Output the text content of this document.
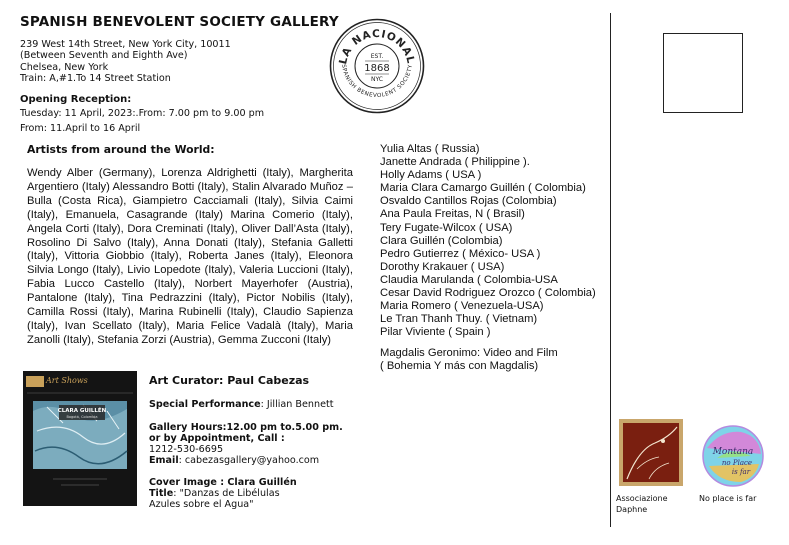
SPANISH BENEVOLENT SOCIETY GALLERY
239 West 14th Street, New York City, 10011
(Between Seventh and Eighth Ave)
Chelsea, New York
Train: A,#1.To 14 Street Station
Opening Reception:
Tuesday: 11 April, 2023:.From: 7.00 pm to 9.00 pm
From: 11.April to 16 April
LA NACIONAL
SPANISH BENEVOLENT SOCIETY
EST.
1868
NYC
Artists from around the World:
Wendy Alber (Germany), Lorenza Aldrighetti (Italy), Margherita Argentiero (Italy) Alessandro Botti (Italy), Stalin Alvarado Muñoz – Bulla (Costa Rica), Giampietro Cacciamali (Italy), Silvia Caimi (Italy), Emanuela, Casagrande (Italy) Marina Comerio (Italy), Angela Corti (Italy), Dora Creminati (Italy), Oliver Dall’Asta (Italy), Rosolino Di Salvo (Italy), Anna Donati (Italy), Stefania Galletti (Italy), Vittoria Giobbio (Italy), Roberta Janes (Italy), Eleonora Silvia Longo (Italy), Livio Lopedote (Italy), Valeria Luccioni (Italy), Fabia Lucco Castello (Italy), Norbert Mayerhofer (Austria), Pantalone (Italy), Tina Pedrazzini (Italy), Pictor Nobilis (Italy), Camilla Rossi (Italy), Marina Rubinelli (Italy), Claudio Sapienza (Italy), Ivan Scellato (Italy), Maria Felice Vadalà (Italy), Maria Zanolli (Italy), Stefania Zorzi (Austria), Gemma Zucconi (Italy)
Yulia Altas ( Russia)
Janette Andrada ( Philippine ).
Holly Adams ( USA )
Maria Clara Camargo Guillén ( Colombia)
Osvaldo Cantillos Rojas (Colombia)
Ana Paula Freitas, N ( Brasil)
Tery Fugate-Wilcox ( USA)
Clara Guillén (Colombia)
Pedro Gutierrez ( México- USA )
Dorothy Krakauer ( USA)
Claudia Marulanda ( Colombia-USA
Cesar David Rodriguez Orozco ( Colombia)
Maria Romero ( Venezuela-USA)
Le Tran Thanh Thuy. ( Vietnam)
Pilar Viviente ( Spain )
Magdalis Geronimo: Video and Film
( Bohemia Y más con Magdalis)
Art Shows
CLARA GUILLÉN
Bogotá, Colombia
Art Curator: Paul Cabezas
Special Performance: Jillian Bennett
Gallery Hours:12.00 pm to.5.00 pm.
or by Appointment, Call :
1212-530-6695
Email: cabezasgallery@yahoo.com
Cover Image : Clara Guillén
Title: "Danzas de Libélulas
Azules sobre el Agua"
Associazione
Daphne
Montana
no Place
is far
No place is far
